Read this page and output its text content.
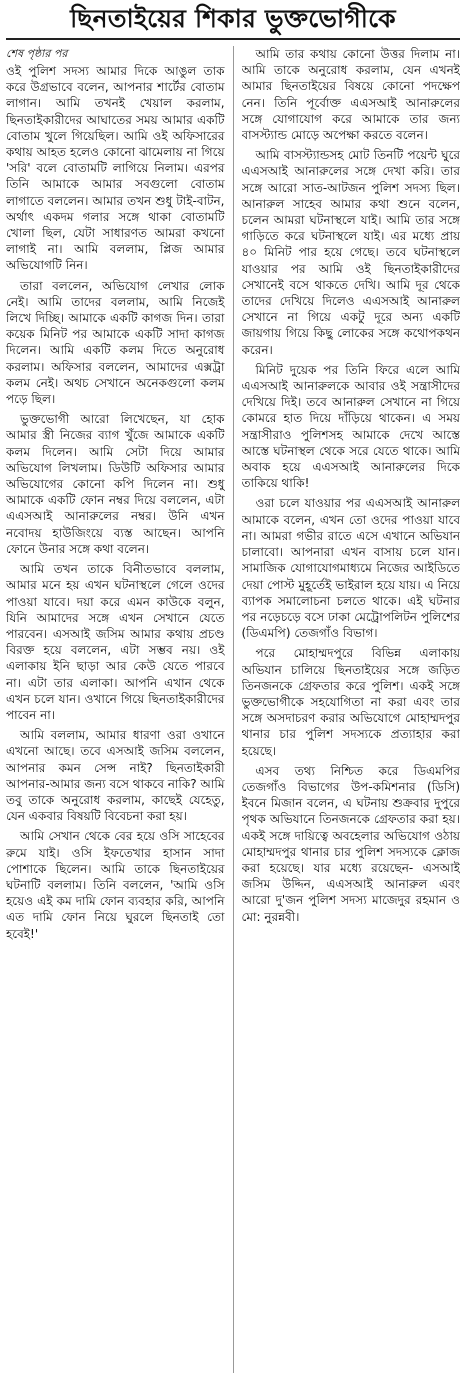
ছিনতাইয়ের শিকার ভুক্তভোগীকে
শেষ পৃষ্ঠার পর

ওই পুলিশ সদস্য আমার দিকে আঙুল তাক করে উগ্রভাবে বলেন, আপনার শার্টের বোতাম লাগান। আমি তখনই খেয়াল করলাম, ছিনতাইকারীদের আঘাতের সময় আমার একটি বোতাম খুলে গিয়েছিল। আমি ওই অফিসারের কথায় আহত হলেও কোনো ঝামেলায় না গিয়ে 'সরি' বলে বোতামটি লাগিয়ে নিলাম। এরপর তিনি আমাকে আমার সবগুলো বোতাম লাগাতে বললেন। আমার তখন শুধু টাই-বাটন, অর্থাৎ একদম গলার সঙ্গে থাকা বোতামটি খোলা ছিল, যেটা সাধারণত আমরা কখনো লাগাই না। আমি বললাম, প্লিজ আমার অভিযোগটি নিন।

তারা বললেন, অভিযোগ লেখার লোক নেই। আমি তাদের বললাম, আমি নিজেই লিখে দিচ্ছি। আমাকে একটি কাগজ দিন। তারা কয়েক মিনিট পর আমাকে একটি সাদা কাগজ দিলেন। আমি একটি কলম দিতে অনুরোধ করলাম। অফিসার বললেন, আমাদের এক্সট্রা কলম নেই। অথচ সেখানে অনেকগুলো কলম পড়ে ছিল।

ভুক্তভোগী আরো লিখেছেন, যা হোক আমার স্ত্রী নিজের ব্যাগ খুঁজে আমাকে একটি কলম দিলেন। আমি সেটা দিয়ে আমার অভিযোগ লিখলাম। ডিউটি অফিসার আমার অভিযোগের কোনো কপি দিলেন না। শুধু আমাকে একটি ফোন নম্বর দিয়ে বললেন, এটা এএসআই আনারুলের নম্বর। উনি এখন নবোদয় হাউজিংয়ে ব্যস্ত আছেন। আপনি ফোনে উনার সঙ্গে কথা বলেন।

আমি তখন তাকে বিনীতভাবে বললাম, আমার মনে হয় এখন ঘটনাস্থলে গেলে ওদের পাওয়া যাবে। দয়া করে এমন কাউকে বলুন, যিনি আমাদের সঙ্গে এখন সেখানে যেতে পারবেন। এসআই জসিম আমার কথায় প্রচণ্ড বিরক্ত হয়ে বললেন, এটা সম্ভব নয়। ওই এলাকায় ইনি ছাড়া আর কেউ যেতে পারবে না। এটা তার এলাকা। আপনি এখান থেকে এখন চলে যান। ওখানে গিয়ে ছিনতাইকারীদের পাবেন না।

আমি বললাম, আমার ধারণা ওরা ওখানে এখনো আছে। তবে এসআই জসিম বললেন, আপনার কমন সেন্স নাই? ছিনতাইকারী আপনার-আমার জন্য বসে থাকবে নাকি? আমি তবু তাকে অনুরোধ করলাম, কাছেই যেহেতু, যেন একবার বিষয়টি বিবেচনা করা হয়।

আমি সেখান থেকে বের হয়ে ওসি সাহেবের রুমে যাই। ওসি ইফতেখার হাসান সাদা পোশাকে ছিলেন। আমি তাকে ছিনতাইয়ের ঘটনাটি বললাম। তিনি বললেন, 'আমি ওসি হয়েও এই কম দামি ফোন ব্যবহার করি, আপনি এত দামি ফোন নিয়ে ঘুরলে ছিনতাই তো হবেই!'

আমি তার কথায় কোনো উত্তর দিলাম না। আমি তাকে অনুরোধ করলাম, যেন এখনই আমার ছিনতাইয়ের বিষয়ে কোনো পদক্ষেপ নেন। তিনি পূর্বোক্ত এএসআই আনারুলের সঙ্গে যোগাযোগ করে আমাকে তার জন্য বাসস্ট্যান্ড মোড়ে অপেক্ষা করতে বলেন।

আমি বাসস্ট্যান্ডসহ মোট তিনটি পয়েন্ট ঘুরে এএসআই আনারুলের সঙ্গে দেখা করি। তার সঙ্গে আরো সাত-আটজন পুলিশ সদস্য ছিল। আনারুল সাহেব আমার কথা শুনে বলেন, চলেন আমরা ঘটনাস্থলে যাই। আমি তার সঙ্গে গাড়িতে করে ঘটনাস্থলে যাই। এর মধ্যে প্রায় ৪০ মিনিট পার হয়ে গেছে। তবে ঘটনাস্থলে যাওয়ার পর আমি ওই ছিনতাইকারীদের সেখানেই বসে থাকতে দেখি। আমি দূর থেকে তাদের দেখিয়ে দিলেও এএসআই আনারুল সেখানে না গিয়ে একটু দূরে অন্য একটি জায়গায় গিয়ে কিছু লোকের সঙ্গে কথোপকথন করেন।

মিনিট দুয়েক পর তিনি ফিরে এলে আমি এএসআই আনারুলকে আবার ওই সন্ত্রাসীদের দেখিয়ে দিই। তবে আনারুল সেখানে না গিয়ে কোমরে হাত দিয়ে দাঁড়িয়ে থাকেন। এ সময় সন্ত্রাসীরাও পুলিশসহ আমাকে দেখে আস্তে আস্তে ঘটনাস্থল থেকে সরে যেতে থাকে। আমি অবাক হয়ে এএসআই আনারুলের দিকে তাকিয়ে থাকি!

ওরা চলে যাওয়ার পর এএসআই আনারুল আমাকে বলেন, এখন তো ওদের পাওয়া যাবে না। আমরা গভীর রাতে এসে এখানে অভিযান চালাবো। আপনারা এখন বাসায় চলে যান। সামাজিক যোগাযোগমাধ্যমে নিজের আইডিতে দেয়া পোস্ট মুহূর্তেই ভাইরাল হয়ে যায়। এ নিয়ে ব্যাপক সমালোচনা চলতে থাকে। এই ঘটনার পর নড়েচড়ে বসে ঢাকা মেট্রোপলিটন পুলিশের (ডিএমপি) তেজগাঁও বিভাগ।

পরে মোহাম্মদপুরে বিভিন্ন এলাকায় অভিযান চালিয়ে ছিনতাইয়ের সঙ্গে জড়িত তিনজনকে গ্রেফতার করে পুলিশ। একই সঙ্গে ভুক্তভোগীকে সহযোগিতা না করা এবং তার সঙ্গে অসদাচরণ করার অভিযোগে মোহাম্মদপুর থানার চার পুলিশ সদস্যকে প্রত্যাহার করা হয়েছে।

এসব তথ্য নিশ্চিত করে ডিএমপির তেজগাঁও বিভাগের উপ-কমিশনার (ডিসি) ইবনে মিজান বলেন, এ ঘটনায় শুক্রবার দুপুরে পৃথক অভিযানে তিনজনকে গ্রেফতার করা হয়। একই সঙ্গে দায়িত্বে অবহেলার অভিযোগ ওঠায় মোহাম্মদপুর থানার চার পুলিশ সদস্যকে ক্লোজ করা হয়েছে। যার মধ্যে রয়েছেন- এসআই জসিম উদ্দিন, এএসআই আনারুল এবং আরো দু'জন পুলিশ সদস্য মাজেদুর রহমান ও মো: নুরন্নবী।
